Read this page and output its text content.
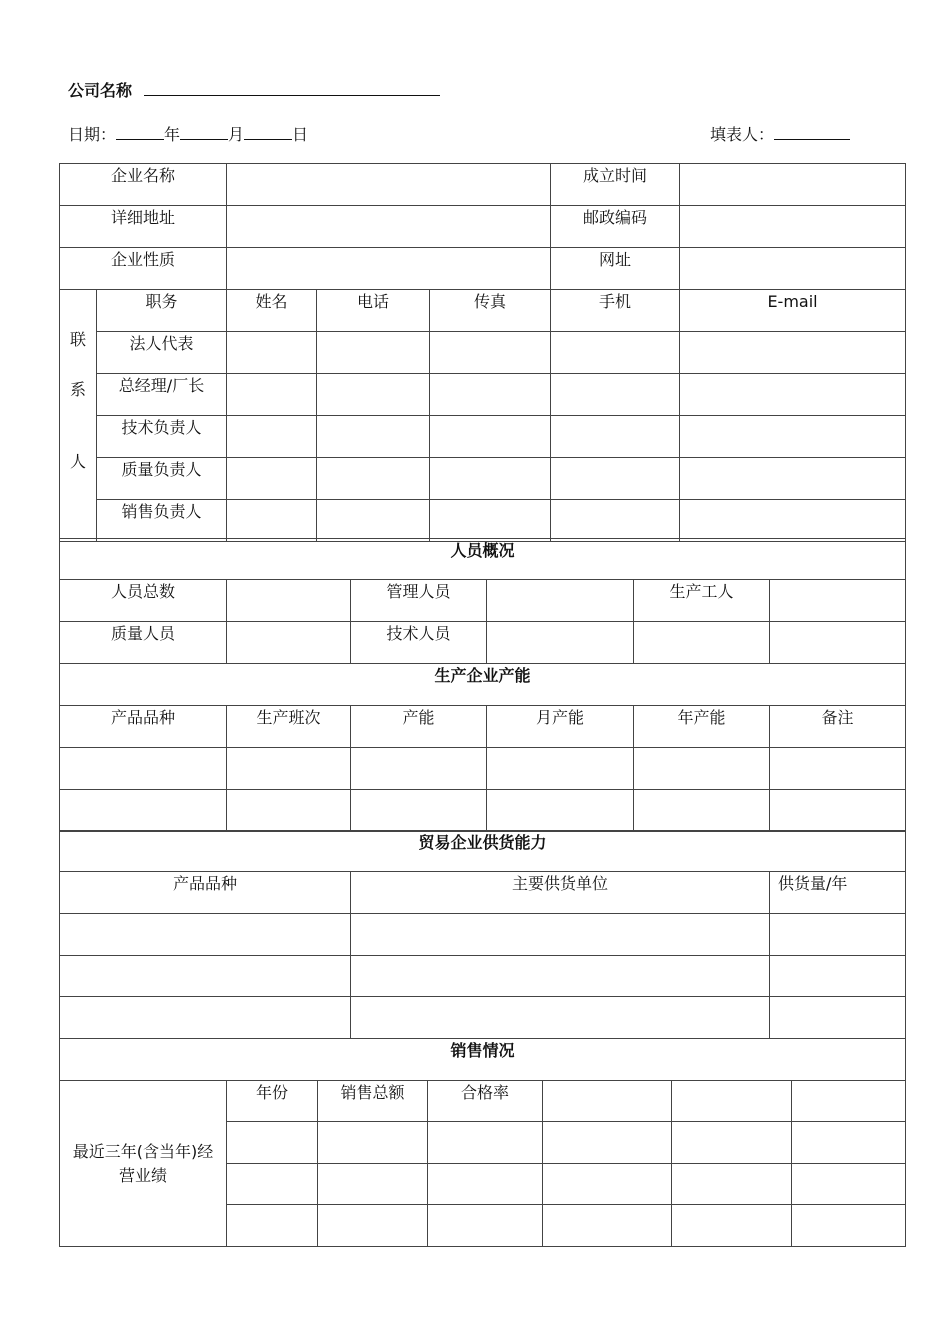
公司名称
日期：	年	月	日	填表人：
企业名称					成立时间	
详细地址					邮政编码	
企业性质					网址	

联
系
人	职务	姓名	电话	传真	手机	E-mail
	法人代表					
	总经理/厂长					
	技术负责人					
	质量负责人					
	销售负责人					
人员概况					
人员总数		管理人员		生产工人	
质量人员		技术人员			
生产企业产能					
产品品种	生产班次	产能	月产能	年产能	备注

贸易企业供货能力		
产品品种	主要供货单位	供货量/年

销售情况						
最近三年(含当年)经营业绩	年份	销售总额	合格率			
